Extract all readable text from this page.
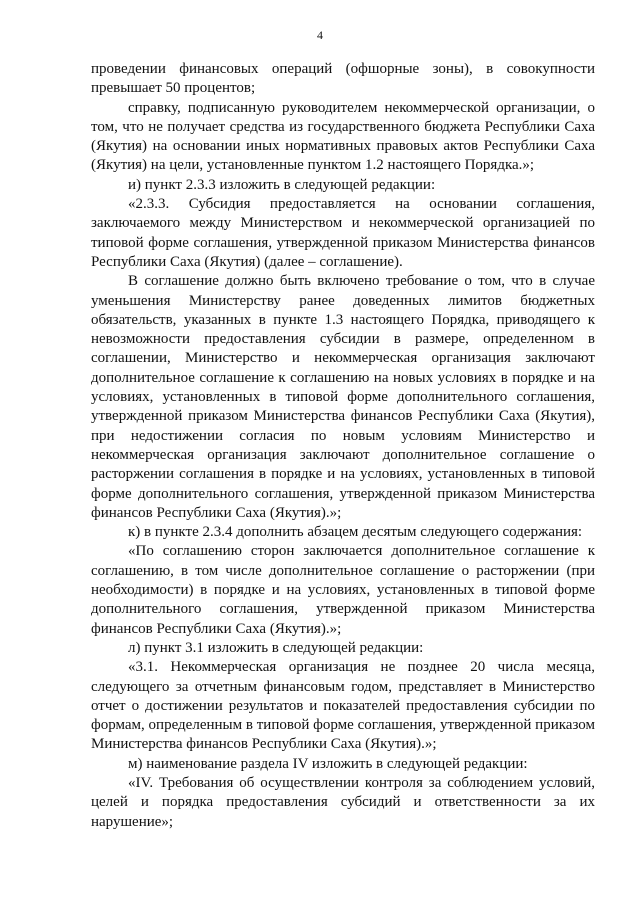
4

проведении финансовых операций (офшорные зоны), в совокупности превышает 50 процентов;

справку, подписанную руководителем некоммерческой организации, о том, что не получает средства из государственного бюджета Республики Саха (Якутия) на основании иных нормативных правовых актов Республики Саха (Якутия) на цели, установленные пунктом 1.2 настоящего Порядка.»;

и) пункт 2.3.3 изложить в следующей редакции:

«2.3.3. Субсидия предоставляется на основании соглашения, заключаемого между Министерством и некоммерческой организацией по типовой форме соглашения, утвержденной приказом Министерства финансов Республики Саха (Якутия) (далее – соглашение).

В соглашение должно быть включено требование о том, что в случае уменьшения Министерству ранее доведенных лимитов бюджетных обязательств, указанных в пункте 1.3 настоящего Порядка, приводящего к невозможности предоставления субсидии в размере, определенном в соглашении, Министерство и некоммерческая организация заключают дополнительное соглашение к соглашению на новых условиях в порядке и на условиях, установленных в типовой форме дополнительного соглашения, утвержденной приказом Министерства финансов Республики Саха (Якутия), при недостижении согласия по новым условиям Министерство и некоммерческая организация заключают дополнительное соглашение о расторжении соглашения в порядке и на условиях, установленных в типовой форме дополнительного соглашения, утвержденной приказом Министерства финансов Республики Саха (Якутия).»;

к) в пункте 2.3.4 дополнить абзацем десятым следующего содержания:

«По соглашению сторон заключается дополнительное соглашение к соглашению, в том числе дополнительное соглашение о расторжении (при необходимости) в порядке и на условиях, установленных в типовой форме дополнительного соглашения, утвержденной приказом Министерства финансов Республики Саха (Якутия).»;

л) пункт 3.1 изложить в следующей редакции:

«3.1. Некоммерческая организация не позднее 20 числа месяца, следующего за отчетным финансовым годом, представляет в Министерство отчет о достижении результатов и показателей предоставления субсидии по формам, определенным в типовой форме соглашения, утвержденной приказом Министерства финансов Республики Саха (Якутия).»;

м) наименование раздела IV изложить в следующей редакции:

«IV. Требования об осуществлении контроля за соблюдением условий, целей и порядка предоставления субсидий и ответственности за их нарушение»;
